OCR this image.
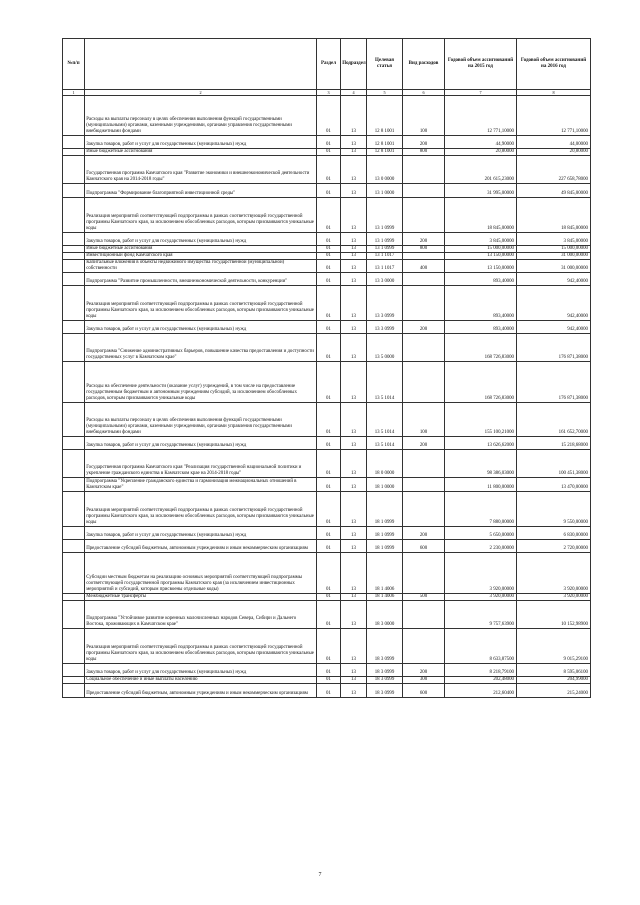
№п/п		Раздел	Подраздел	Целевая статья	Вид расходов	Годовой объем ассигнований на 2015 год	Годовой объем ассигнований на 2016 год
1	2	3	4	5	6	7	8
	Расходы на выплаты персоналу в целях обеспечения выполнения функций государственными (муниципальными) органами, казенными учреждениями, органами управления государственными внебюджетными фондами	01	13	12 8 1001	100	12 771,10000	12 771,10000
	Закупка товаров, работ и услуг для государственных (муниципальных) нужд	01	13	12 8 1001	200	44,90000	44,00000
	Иные бюджетные ассигнования	01	13	12 8 1001	800	20,80000	20,80000
	Государственная программа Камчатского края "Развитие экономики и внешнеэкономической деятельности Камчатского края на 2014-2018 годы"	01	13	13 0 0000		201 615,23000	227 658,78000
	Подпрограмма "Формирование благоприятной инвестиционной среды"	01	13	13 1 0000		31 995,00000	49 845,00000
	Реализация мероприятий соответствующей подпрограммы в рамках соответствующей государственной программы Камчатского края, за исключением обособленных расходов, которым присваиваются уникальные коды	01	13	13 1 0999		18 845,00000	18 845,00000
	Закупка товаров, работ и услуг для государственных (муниципальных) нужд	01	13	13 1 0999	200	3 845,00000	3 845,00000
	Иные бюджетные ассигнования	01	13	13 1 0999	800	15 000,00000	15 000,00000
	Инвестиционный фонд Камчатского края	01	13	13 1 1017		13 150,00000	31 000,00000
	Капитальные вложения в объекты недвижимого имущества государственной (муниципальной) собственности	01	13	13 1 1017	400	13 150,00000	31 000,00000
	Подпрограмма "Развитие промышленности, внешнеэкономической деятельности, конкуренции"	01	13	13 3 0000		893,40000	942,40000
	Реализация мероприятий соответствующей подпрограммы в рамках соответствующей государственной программы Камчатского края, за исключением обособленных расходов, которым присваиваются уникальные коды	01	13	13 3 0999		893,40000	942,40000
	Закупка товаров, работ и услуг для государственных (муниципальных) нужд	01	13	13 3 0999	200	893,40000	942,40000
	Подпрограмма "Снижение административных барьеров, повышение качества предоставления и доступности государственных услуг в Камчатском крае"	01	13	13 5 0000		168 726,83000	176 871,38000
	Расходы на обеспечение деятельности (оказание услуг) учреждений, в том числе на предоставление государственным бюджетным и автономным учреждениям субсидий, за исключением обособленных расходов, которым присваиваются уникальные коды	01	13	13 5 1014		168 726,83000	176 871,38000
	Расходы на выплаты персоналу в целях обеспечения выполнения функций государственными (муниципальными) органами, казенными учреждениями, органами управления государственными внебюджетными фондами	01	13	13 5 1014	100	155 100,21000	161 652,70000
	Закупка товаров, работ и услуг для государственных (муниципальных) нужд	01	13	13 5 1014	200	13 626,62000	15 218,68000
	Государственная программа Камчатского края "Реализация государственной национальной политики и укрепление гражданского единства в Камчатском крае на 2014-2018 годы"	01	13	18 0 0000		98 386,03000	100 451,38000
	Подпрограмма "Укрепление гражданского единства и гармонизация межнациональных отношений в Камчатском крае"	01	13	18 1 0000		11 800,00000	13 470,00000
	Реализация мероприятий соответствующей подпрограммы в рамках соответствующей государственной программы Камчатского края, за исключением обособленных расходов, которым присваиваются уникальные коды	01	13	18 1 0999		7 880,00000	9 550,00000
	Закупка товаров, работ и услуг для государственных (муниципальных) нужд	01	13	18 1 0999	200	5 650,00000	6 830,00000
	Предоставление субсидий бюджетным, автономным учреждениям и иным некоммерческим организациям	01	13	18 1 0999	600	2 230,00000	2 720,00000
	Субсидии местным бюджетам на реализацию основных мероприятий соответствующей подпрограммы соответствующей государственной программы Камчатского края (за исключением инвестиционных мероприятий и субсидий, которым присвоены отдельные коды)	01	13	18 1 4006		3 920,00000	3 920,00000
	Межбюджетные трансферты	01	13	18 1 4006	500	3 920,00000	3 920,00000
	Подпрограмма "Устойчивое развитие коренных малочисленных народов Севера, Сибири и Дальнего Востока, проживающих в Камчатском крае"	01	13	18 3 0000		9 757,63900	10 152,98900
	Реализация мероприятий соответствующей подпрограммы в рамках соответствующей государственной программы Камчатского края, за исключением обособленных расходов, которым присваиваются уникальные коды	01	13	18 3 0999		8 633,87500	9 015,29100
	Закупка товаров, работ и услуг для государственных (муниципальных) нужд	01	13	18 3 0999	200	8 218,79100	8 595,06100
	Социальное обеспечение и иные выплаты населению	01	13	18 3 0999	300	202,48000	204,99000
	Предоставление субсидий бюджетным, автономным учреждениям и иным некоммерческим организациям	01	13	18 3 0999	600	212,60400	215,24000
7
